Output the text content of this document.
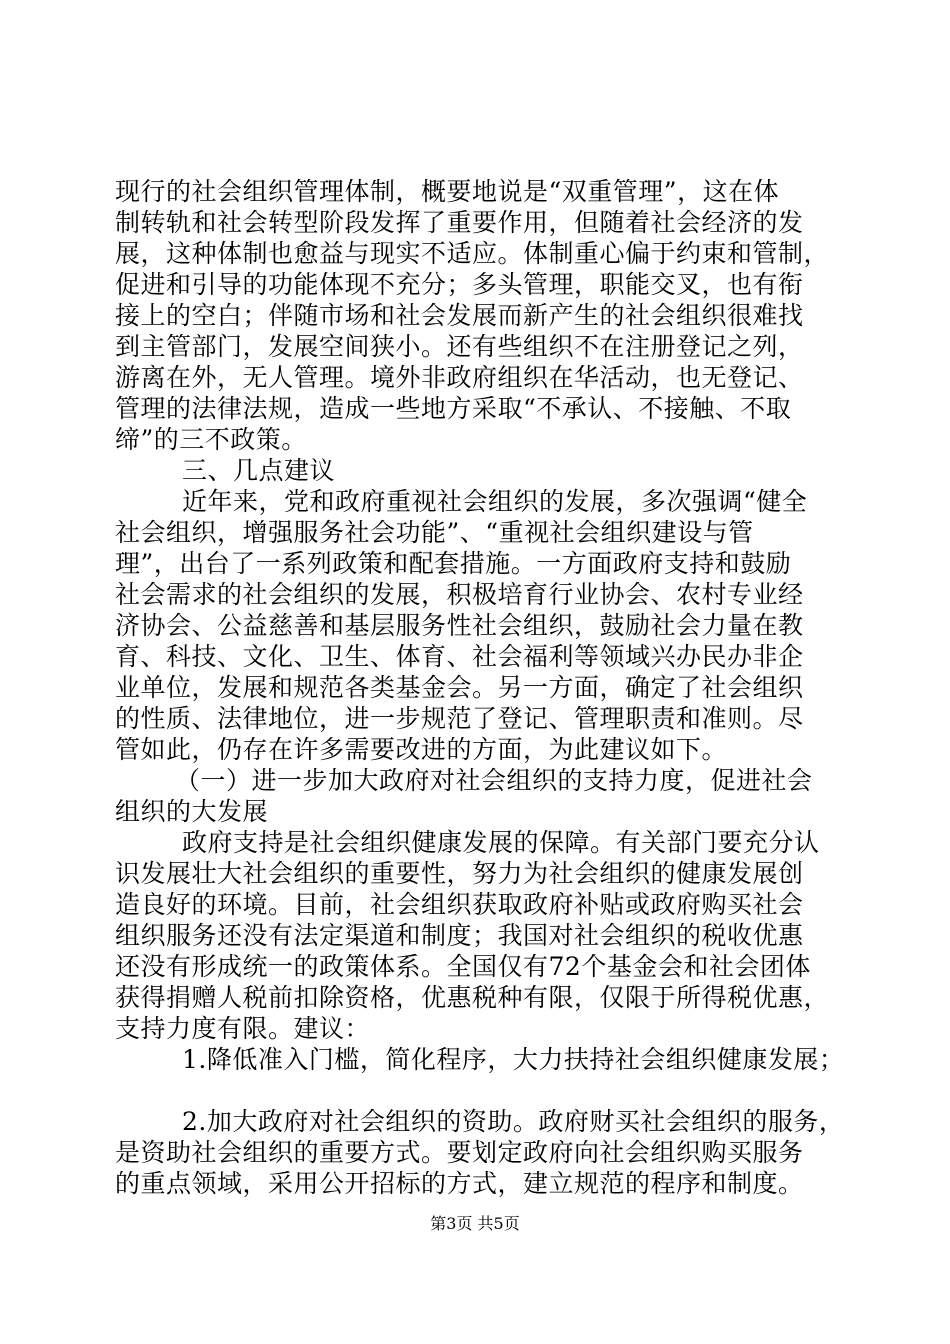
现行的社会组织管理体制，概要地说是“双重管理”，这在体
制转轨和社会转型阶段发挥了重要作用，但随着社会经济的发
展，这种体制也愈益与现实不适应。体制重心偏于约束和管制，
促进和引导的功能体现不充分；多头管理，职能交叉，也有衔
接上的空白；伴随市场和社会发展而新产生的社会组织很难找
到主管部门，发展空间狭小。还有些组织不在注册登记之列，
游离在外，无人管理。境外非政府组织在华活动，也无登记、
管理的法律法规，造成一些地方采取“不承认、不接触、不取
缔”的三不政策。
三、几点建议
近年来，党和政府重视社会组织的发展，多次强调“健全
社会组织，增强服务社会功能”、“重视社会组织建设与管
理”，出台了一系列政策和配套措施。一方面政府支持和鼓励
社会需求的社会组织的发展，积极培育行业协会、农村专业经
济协会、公益慈善和基层服务性社会组织，鼓励社会力量在教
育、科技、文化、卫生、体育、社会福利等领域兴办民办非企
业单位，发展和规范各类基金会。另一方面，确定了社会组织
的性质、法律地位，进一步规范了登记、管理职责和准则。尽
管如此，仍存在许多需要改进的方面，为此建议如下。
（一）进一步加大政府对社会组织的支持力度，促进社会
组织的大发展
政府支持是社会组织健康发展的保障。有关部门要充分认
识发展壮大社会组织的重要性，努力为社会组织的健康发展创
造良好的环境。目前，社会组织获取政府补贴或政府购买社会
组织服务还没有法定渠道和制度；我国对社会组织的税收优惠
还没有形成统一的政策体系。全国仅有72个基金会和社会团体
获得捐赠人税前扣除资格，优惠税种有限，仅限于所得税优惠，
支持力度有限。建议：
1.降低准入门槛，简化程序，大力扶持社会组织健康发展；
2.加大政府对社会组织的资助。政府财买社会组织的服务，
是资助社会组织的重要方式。要划定政府向社会组织购买服务
的重点领域，采用公开招标的方式，建立规范的程序和制度。
第3页 共5页
